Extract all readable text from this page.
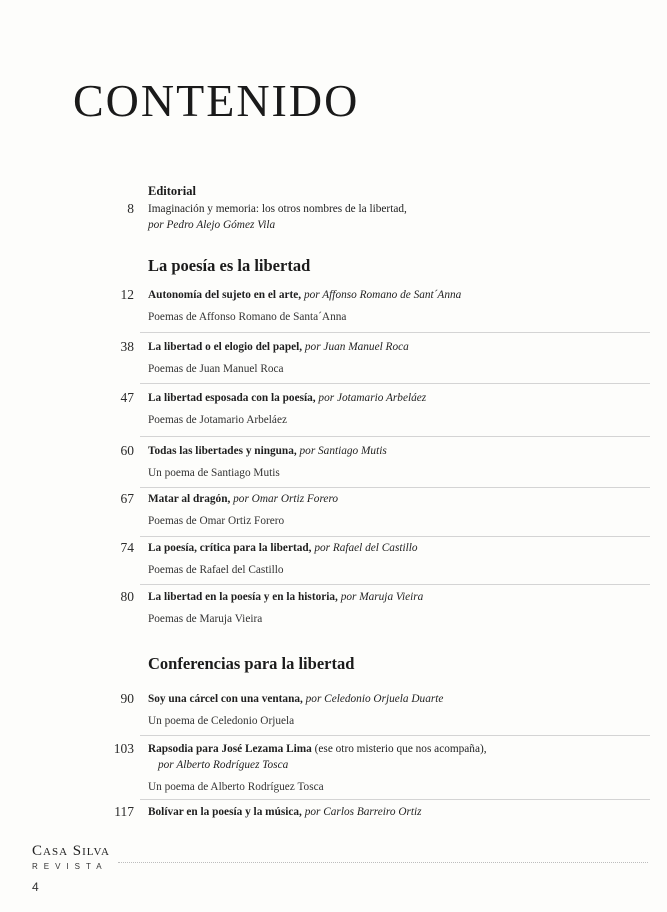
CONTENIDO
Editorial
8 Imaginación y memoria: los otros nombres de la libertad,
por Pedro Alejo Gómez Vila
La poesía es la libertad
12 Autonomía del sujeto en el arte, por Affonso Romano de Sant´Anna
Poemas de Affonso Romano de Santa´Anna
38 La libertad o el elogio del papel, por Juan Manuel Roca
Poemas de Juan Manuel Roca
47 La libertad esposada con la poesía, por Jotamario Arbeláez
Poemas de Jotamario Arbeláez
60 Todas las libertades y ninguna, por Santiago Mutis
Un poema de Santiago Mutis
67 Matar al dragón, por Omar Ortiz Forero
Poemas de Omar Ortiz Forero
74 La poesía, crítica para la libertad, por Rafael del Castillo
Poemas de Rafael del Castillo
80 La libertad en la poesía y en la historia, por Maruja Vieira
Poemas de Maruja Vieira
Conferencias para la libertad
90 Soy una cárcel con una ventana, por Celedonio Orjuela Duarte
Un poema de Celedonio Orjuela
103 Rapsodia para José Lezama Lima (ese otro misterio que nos acompaña),
por Alberto Rodríguez Tosca
Un poema de Alberto Rodríguez Tosca
117 Bolívar en la poesía y la música, por Carlos Barreiro Ortiz
Casa Silva
REVISTA
4
